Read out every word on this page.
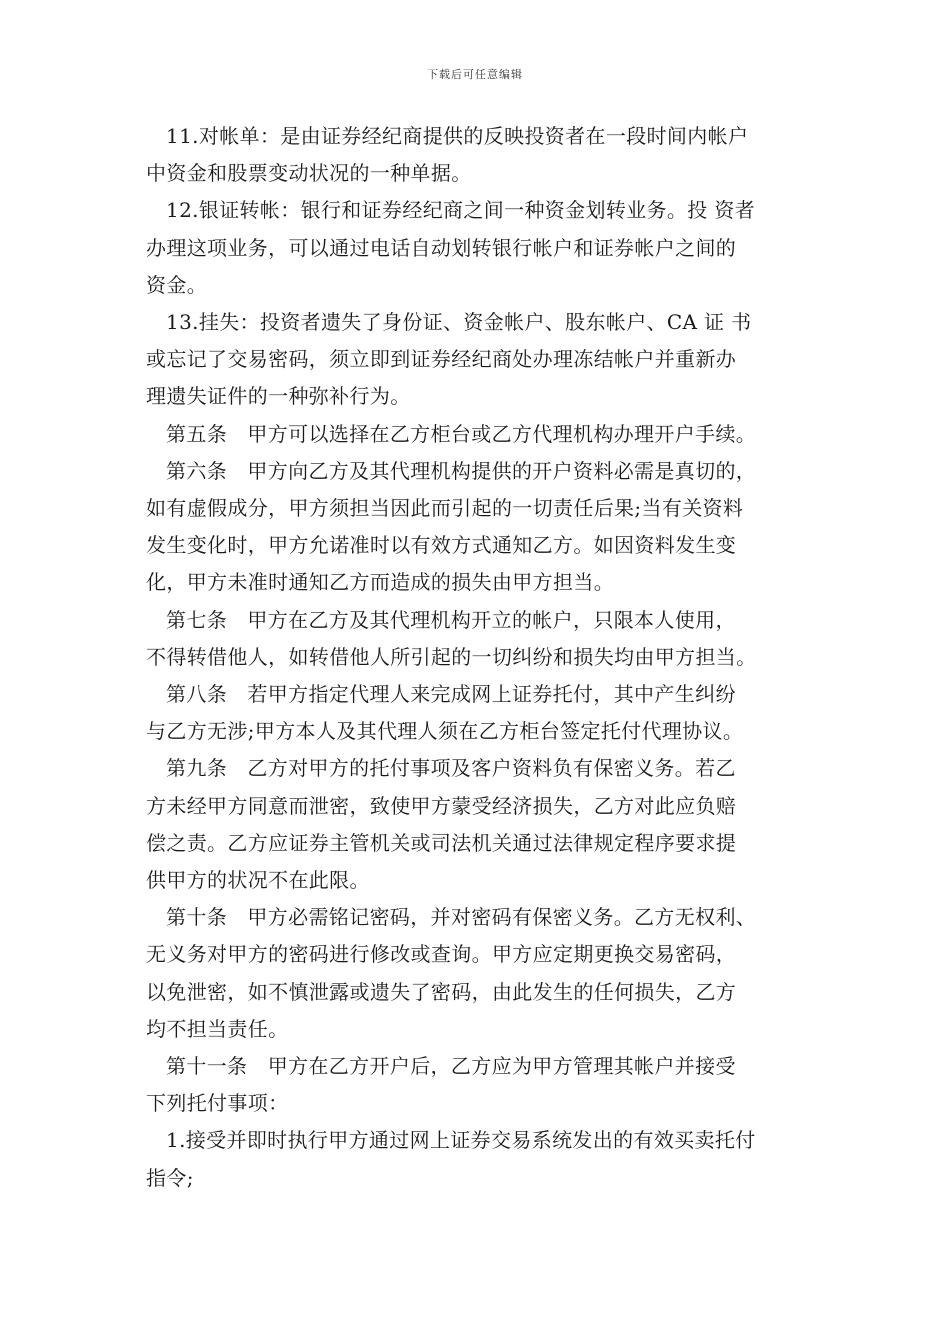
下载后可任意编辑

11.对帐单：是由证券经纪商提供的反映投资者在一段时间内帐户
中资金和股票变动状况的一种单据。

12.银证转帐：银行和证券经纪商之间一种资金划转业务。投 资者
办理这项业务，可以通过电话自动划转银行帐户和证券帐户之间的
资金。

13.挂失：投资者遗失了身份证、资金帐户、股东帐户、CA 证 书
或忘记了交易密码，须立即到证券经纪商处办理冻结帐户并重新办
理遗失证件的一种弥补行为。

第五条　甲方可以选择在乙方柜台或乙方代理机构办理开户手续。

第六条　甲方向乙方及其代理机构提供的开户资料必需是真切的，
如有虚假成分，甲方须担当因此而引起的一切责任后果;当有关资料
发生变化时，甲方允诺准时以有效方式通知乙方。如因资料发生变
化，甲方未准时通知乙方而造成的损失由甲方担当。

第七条　甲方在乙方及其代理机构开立的帐户，只限本人使用，
不得转借他人，如转借他人所引起的一切纠纷和损失均由甲方担当。

第八条　若甲方指定代理人来完成网上证券托付，其中产生纠纷
与乙方无涉;甲方本人及其代理人须在乙方柜台签定托付代理协议。

第九条　乙方对甲方的托付事项及客户资料负有保密义务。若乙
方未经甲方同意而泄密，致使甲方蒙受经济损失，乙方对此应负赔
偿之责。乙方应证券主管机关或司法机关通过法律规定程序要求提
供甲方的状况不在此限。

第十条　甲方必需铭记密码，并对密码有保密义务。乙方无权利、
无义务对甲方的密码进行修改或查询。甲方应定期更换交易密码，
以免泄密，如不慎泄露或遗失了密码，由此发生的任何损失，乙方
均不担当责任。

第十一条　甲方在乙方开户后，乙方应为甲方管理其帐户并接受
下列托付事项：

1.接受并即时执行甲方通过网上证券交易系统发出的有效买卖托付
指令;
